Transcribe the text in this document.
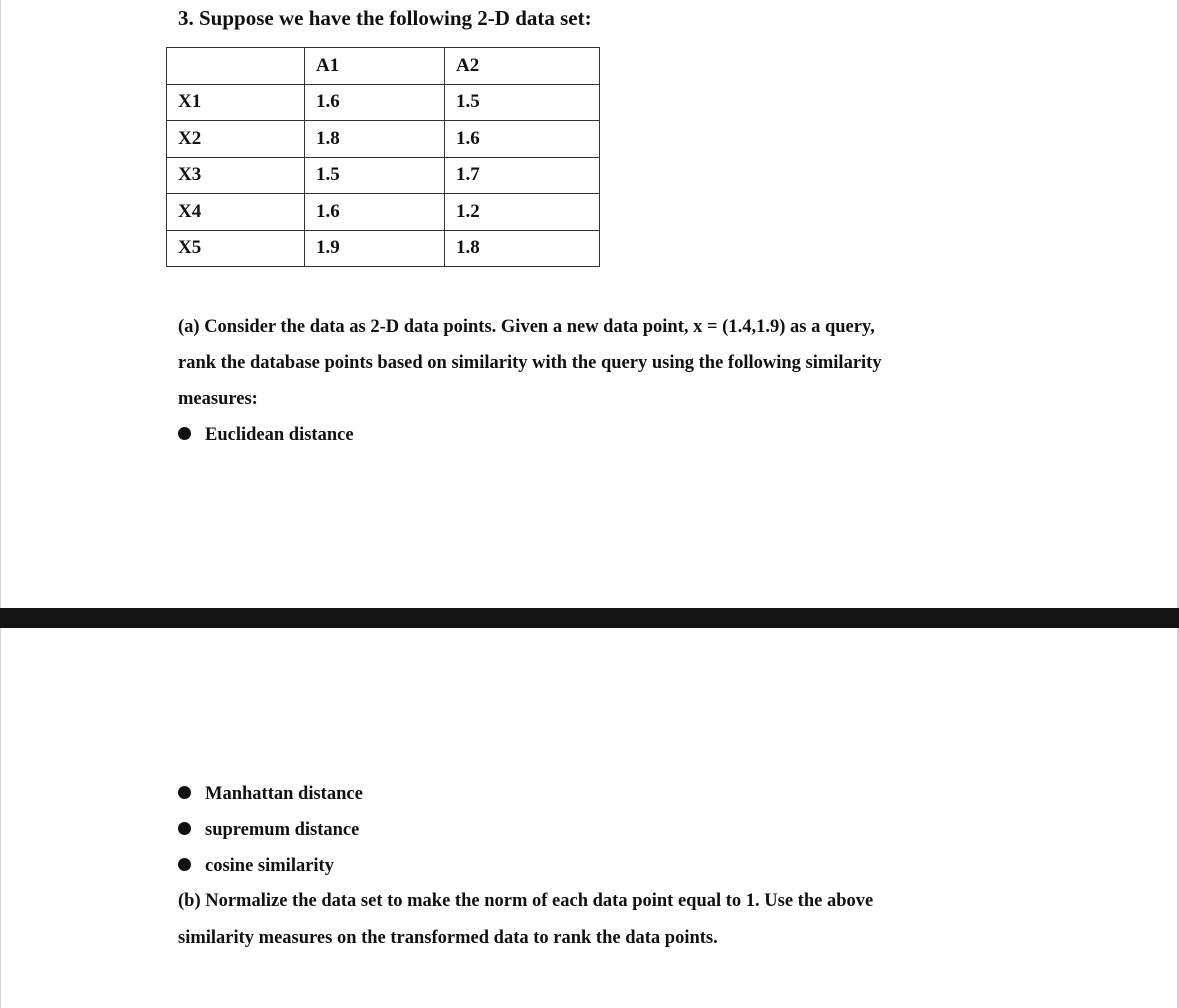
3. Suppose we have the following 2-D data set:
	A1	A2
X1	1.6	1.5
X2	1.8	1.6
X3	1.5	1.7
X4	1.6	1.2
X5	1.9	1.8
(a) Consider the data as 2-D data points. Given a new data point, x = (1.4,1.9) as a query,
rank the database points based on similarity with the query using the following similarity
measures:
Euclidean distance
Manhattan distance
supremum distance
cosine similarity
(b) Normalize the data set to make the norm of each data point equal to 1. Use the above
similarity measures on the transformed data to rank the data points.
